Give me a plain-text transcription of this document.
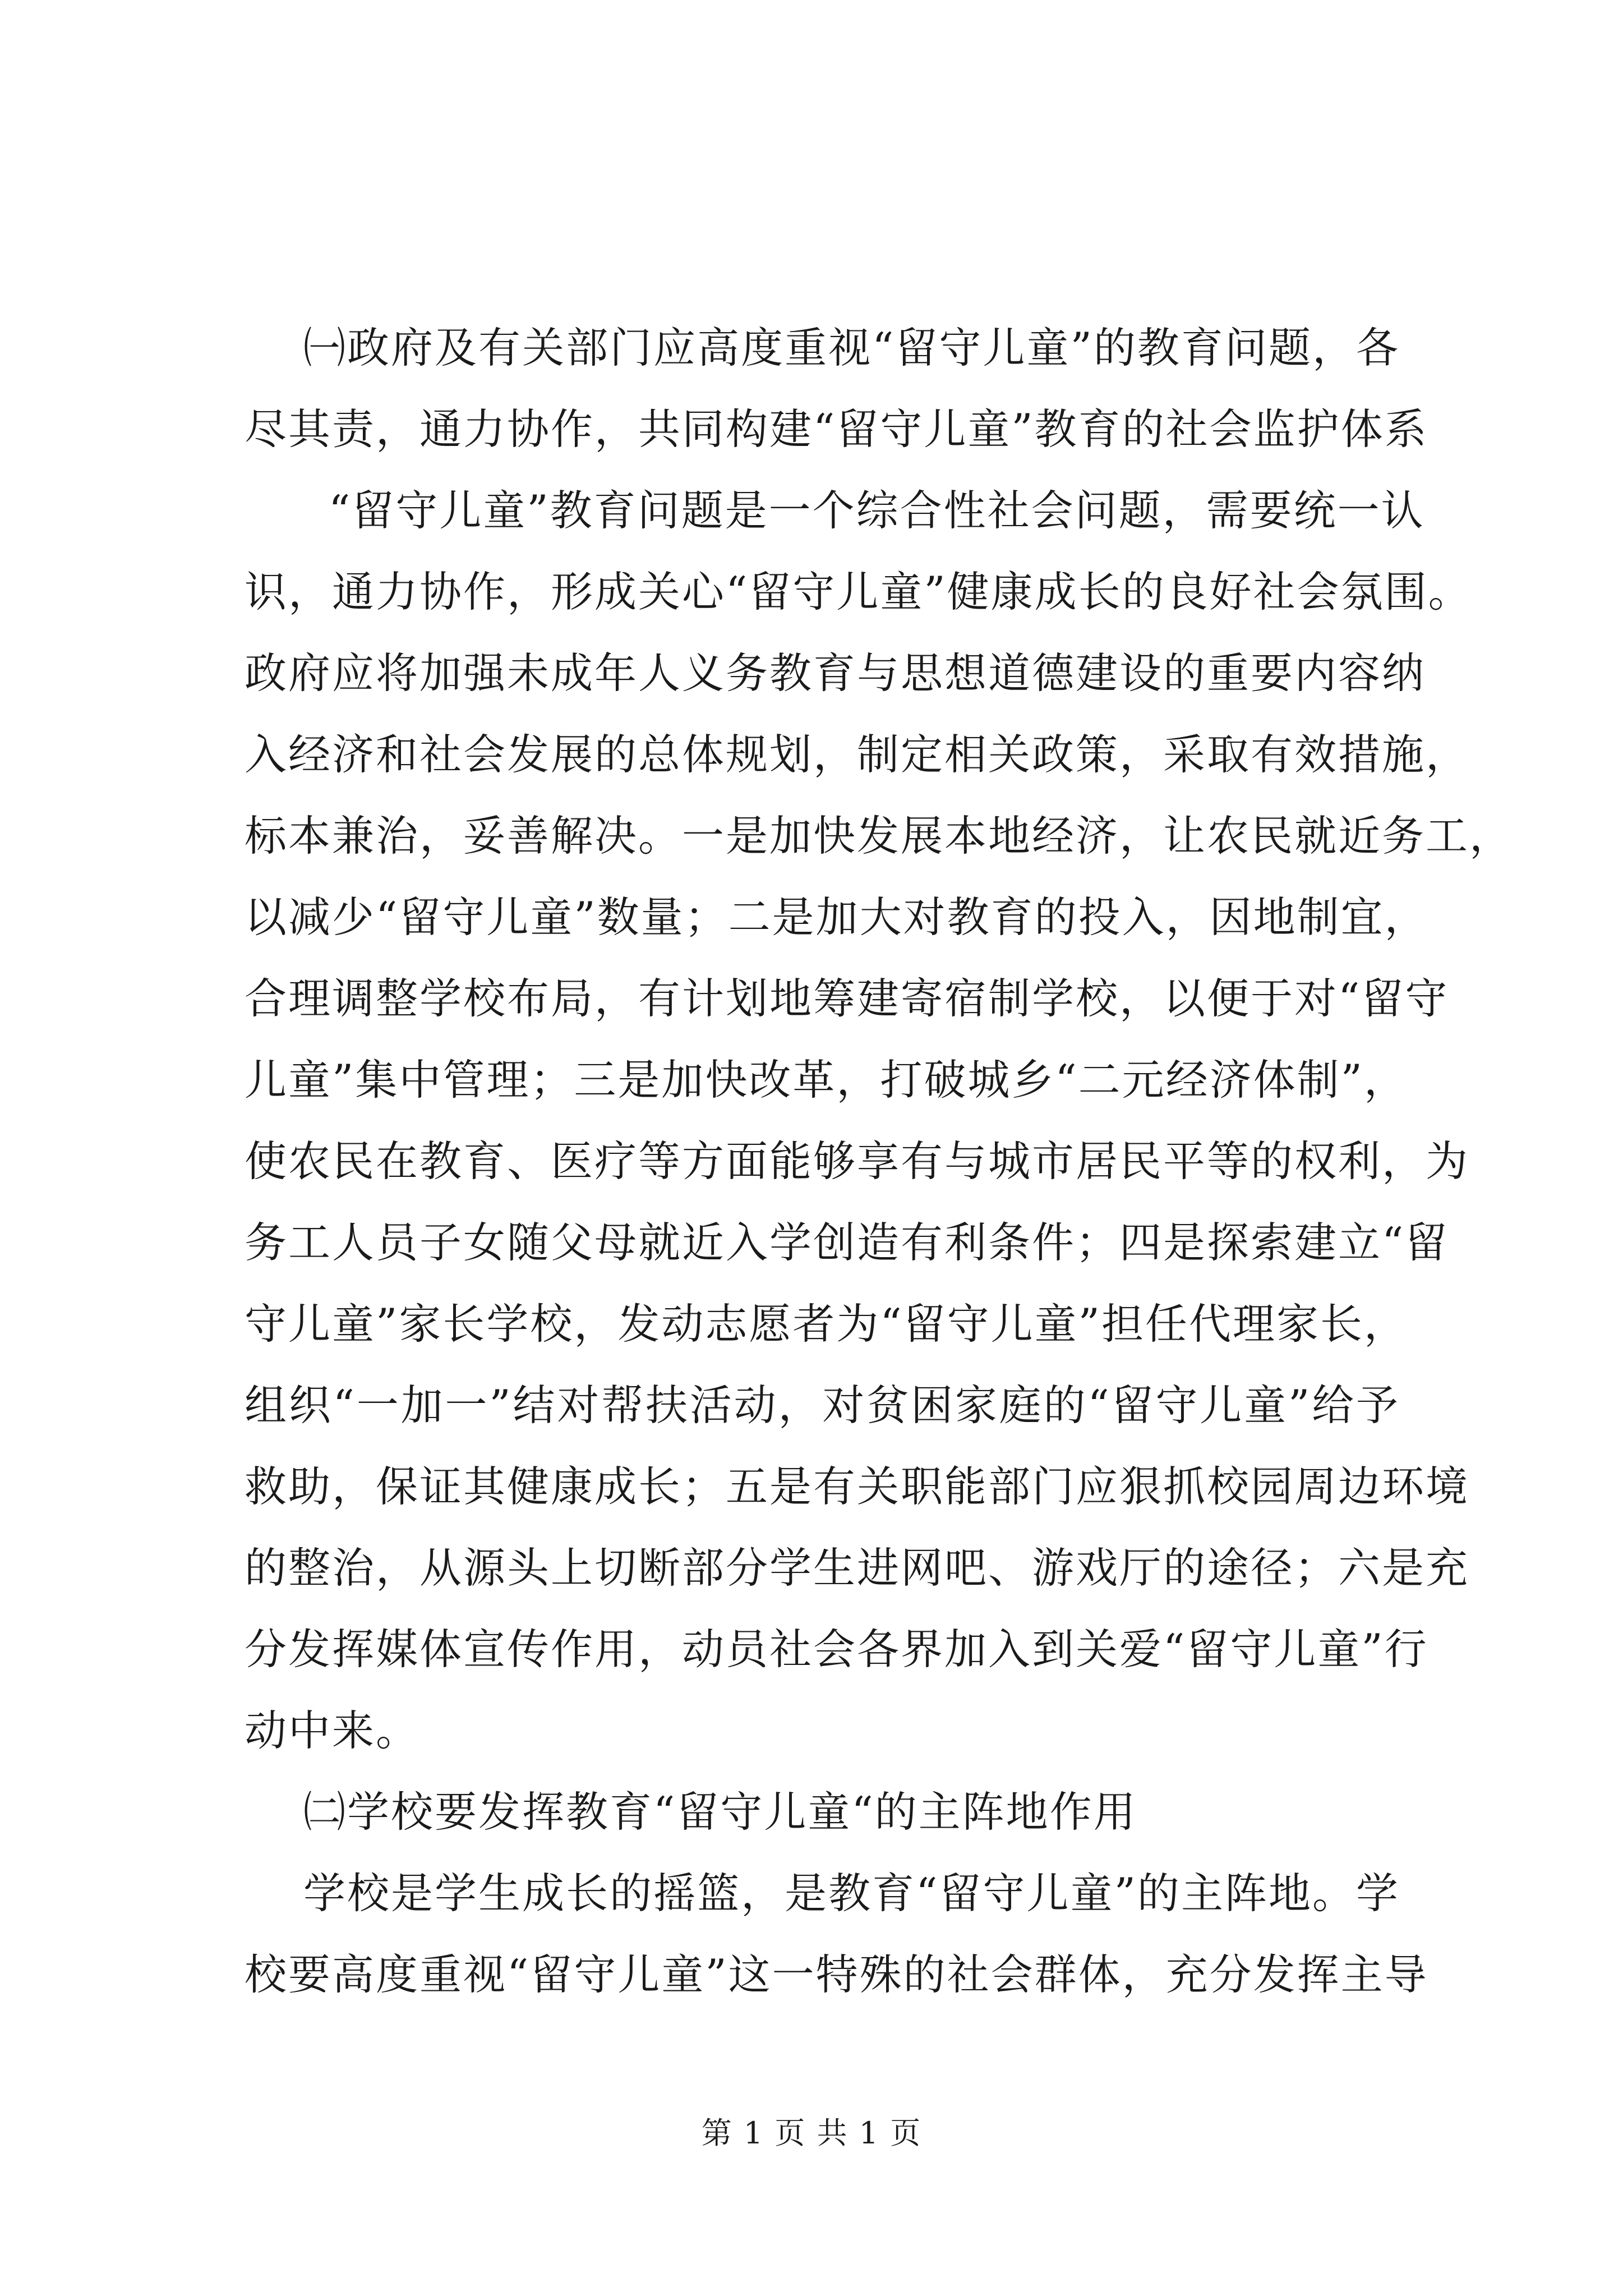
㈠政府及有关部门应高度重视“留守儿童”的教育问题，各
尽其责，通力协作，共同构建“留守儿童”教育的社会监护体系
“留守儿童”教育问题是一个综合性社会问题，需要统一认
识，通力协作，形成关心“留守儿童”健康成长的良好社会氛围。
政府应将加强未成年人义务教育与思想道德建设的重要内容纳
入经济和社会发展的总体规划，制定相关政策，采取有效措施，
标本兼治，妥善解决。一是加快发展本地经济，让农民就近务工，
以减少“留守儿童”数量；二是加大对教育的投入，因地制宜，
合理调整学校布局，有计划地筹建寄宿制学校，以便于对“留守
儿童”集中管理；三是加快改革，打破城乡“二元经济体制”，
使农民在教育、医疗等方面能够享有与城市居民平等的权利，为
务工人员子女随父母就近入学创造有利条件；四是探索建立“留
守儿童”家长学校，发动志愿者为“留守儿童”担任代理家长，
组织“一加一”结对帮扶活动，对贫困家庭的“留守儿童”给予
救助，保证其健康成长；五是有关职能部门应狠抓校园周边环境
的整治，从源头上切断部分学生进网吧、游戏厅的途径；六是充
分发挥媒体宣传作用，动员社会各界加入到关爱“留守儿童”行
动中来。
㈡学校要发挥教育“留守儿童“的主阵地作用
学校是学生成长的摇篮，是教育“留守儿童”的主阵地。学
校要高度重视“留守儿童”这一特殊的社会群体，充分发挥主导
第 1 页 共 1 页
